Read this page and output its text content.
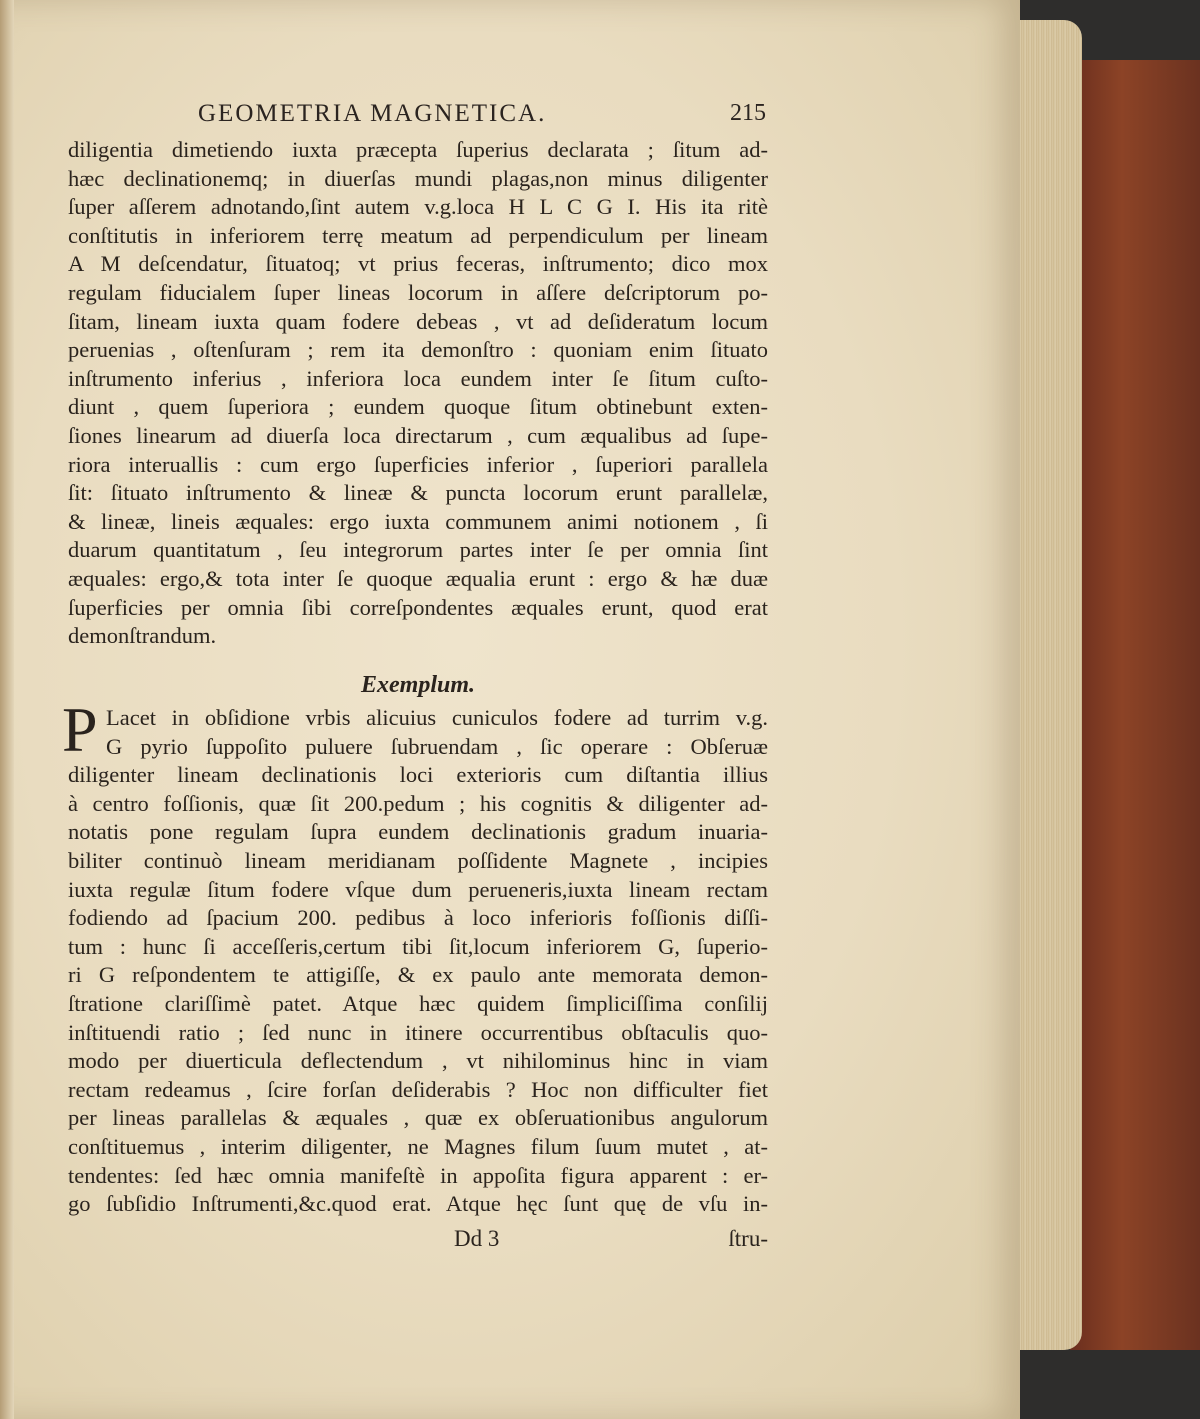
GEOMETRIA MAGNETICA.	215
diligentia dimetiendo iuxta præcepta ſuperius declarata ; ſitum ad-
hæc declinationemq; in diuerſas mundi plagas,non minus diligenter
ſuper aſſerem adnotando,ſint autem v.g.loca H L C G I. His ita ritè
conſtitutis in inferiorem terrę meatum ad perpendiculum per lineam
A M deſcendatur, ſituatoq; vt prius feceras, inſtrumento; dico mox
regulam fiducialem ſuper lineas locorum in aſſere deſcriptorum po-
ſitam, lineam iuxta quam fodere debeas , vt ad deſideratum locum
peruenias , oſtenſuram ; rem ita demonſtro : quoniam enim ſituato
inſtrumento inferius , inferiora loca eundem inter ſe ſitum cuſto-
diunt , quem ſuperiora ; eundem quoque ſitum obtinebunt exten-
ſiones linearum ad diuerſa loca directarum , cum æqualibus ad ſupe-
riora interuallis : cum ergo ſuperficies inferior , ſuperiori parallela
ſit: ſituato inſtrumento & lineæ & puncta locorum erunt parallelæ,
& lineæ, lineis æquales: ergo iuxta communem animi notionem , ſi
duarum quantitatum , ſeu integrorum partes inter ſe per omnia ſint
æquales: ergo,& tota inter ſe quoque æqualia erunt : ergo & hæ duæ
ſuperficies per omnia ſibi correſpondentes æquales erunt, quod erat
demonſtrandum.
Exemplum.
P Lacet in obſidione vrbis alicuius cuniculos fodere ad turrim v.g.
G pyrio ſuppoſito puluere ſubruendam , ſic operare : Obſeruæ
diligenter lineam declinationis loci exterioris cum diſtantia illius
à centro foſſionis, quæ ſit 200.pedum ; his cognitis & diligenter ad-
notatis pone regulam ſupra eundem declinationis gradum inuaria-
biliter continuò lineam meridianam poſſidente Magnete , incipies
iuxta regulæ ſitum fodere vſque dum perueneris,iuxta lineam rectam
fodiendo ad ſpacium 200. pedibus à loco inferioris foſſionis diſſi-
tum : hunc ſi acceſſeris,certum tibi ſit,locum inferiorem G, ſuperio-
ri G reſpondentem te attigiſſe, & ex paulo ante memorata demon-
ſtratione clariſſimè patet. Atque hæc quidem ſimpliciſſima conſilij
inſtituendi ratio ; ſed nunc in itinere occurrentibus obſtaculis quo-
modo per diuerticula deflectendum , vt nihilominus hinc in viam
rectam redeamus , ſcire forſan deſiderabis ? Hoc non difficulter fiet
per lineas parallelas & æquales , quæ ex obſeruationibus angulorum
conſtituemus , interim diligenter, ne Magnes filum ſuum mutet , at-
tendentes: ſed hæc omnia manifeſtè in appoſita figura apparent : er-
go ſubſidio Inſtrumenti,&c.quod erat. Atque hęc ſunt quę de vſu in-
Dd 3	ſtru-
